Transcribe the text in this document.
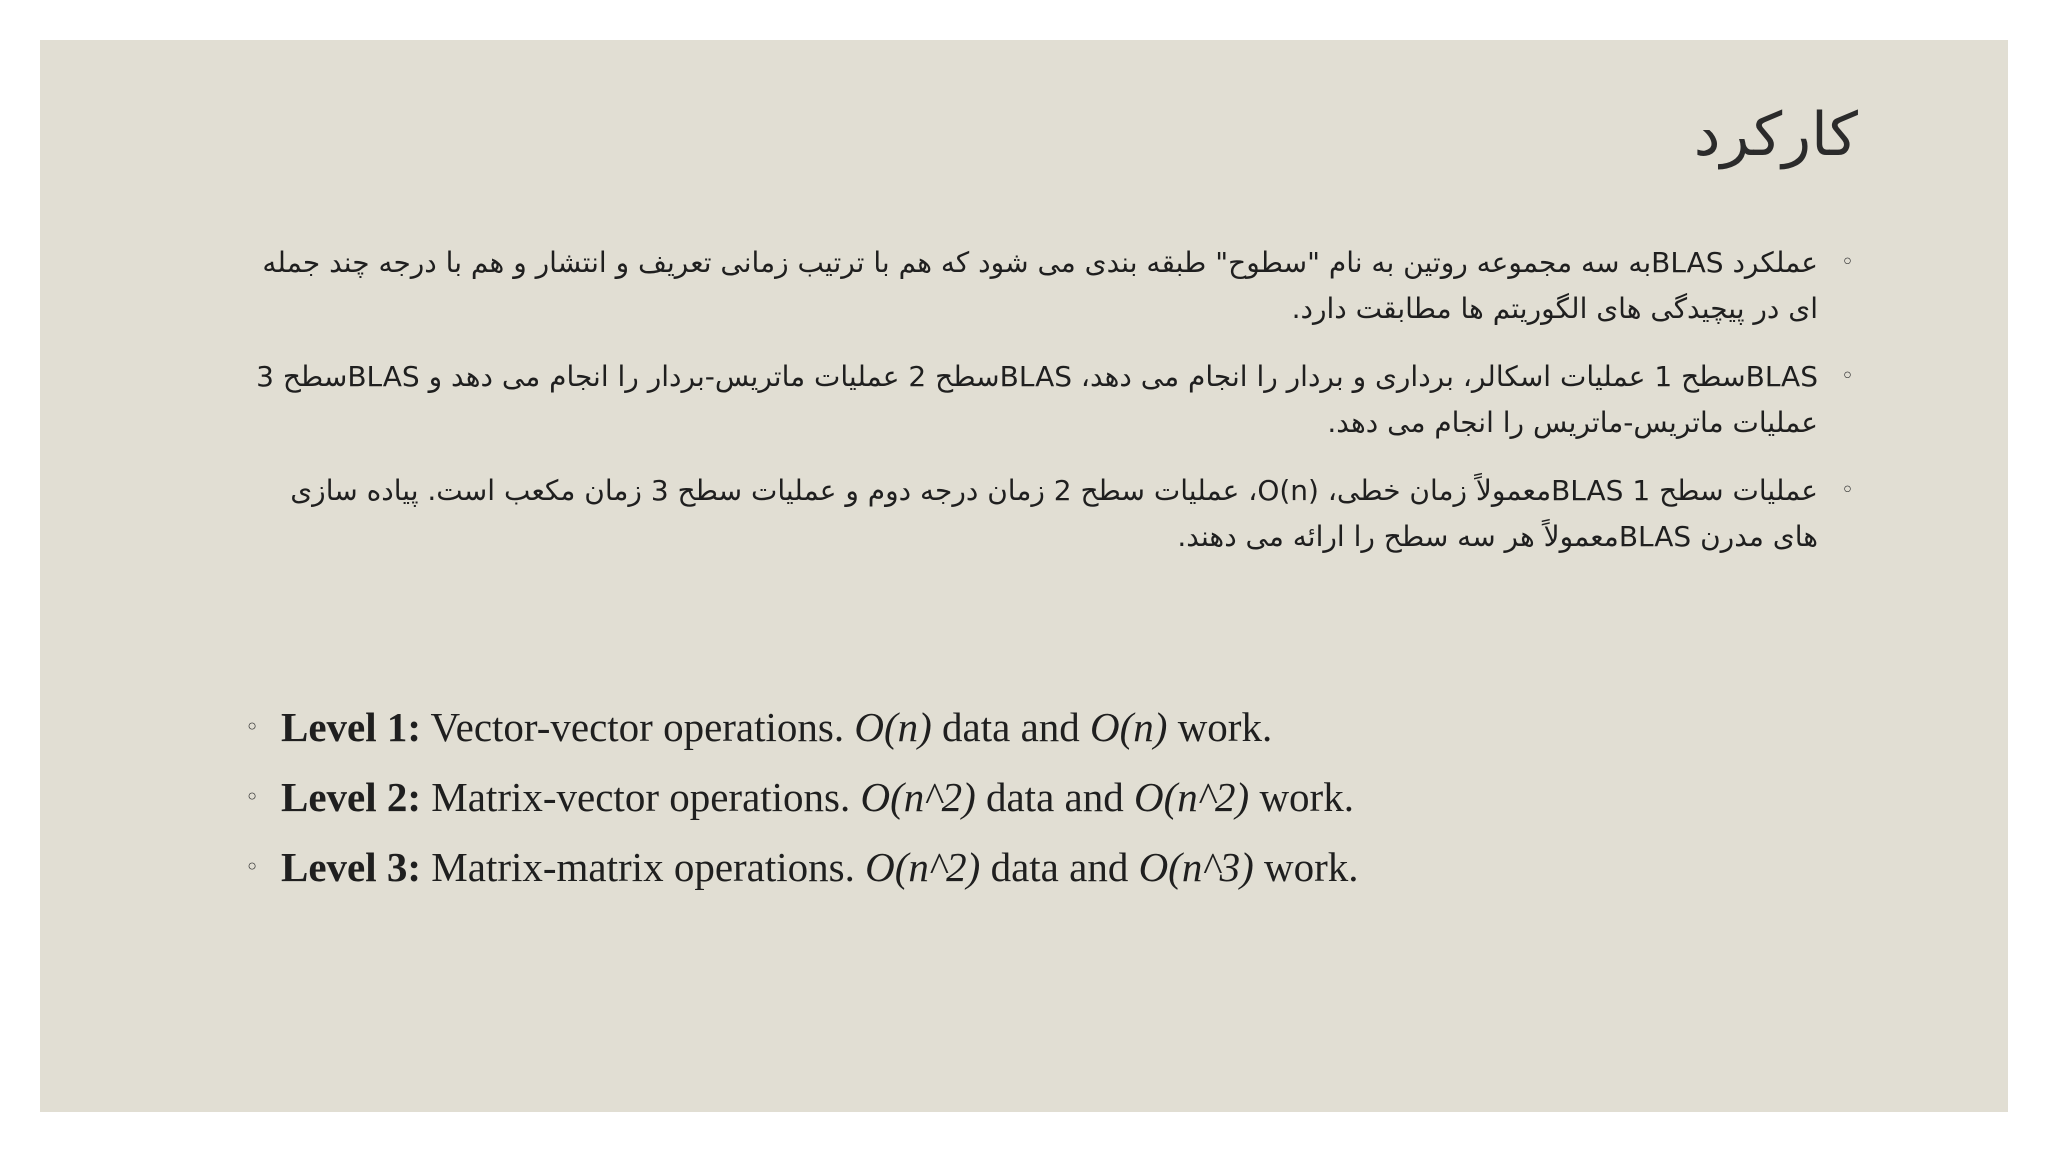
کارکرد
◦
عملکرد BLASبه سه مجموعه روتین به نام "سطوح" طبقه بندی می شود که هم با ترتیب زمانی تعریف و انتشار و هم با درجه چند جمله ای در پیچیدگی های الگوریتم ها مطابقت دارد.
◦
BLASسطح 1 عملیات اسکالر، برداری و بردار را انجام می دهد، BLASسطح 2 عملیات ماتریس-بردار را انجام می دهد و BLASسطح 3 عملیات ماتریس-ماتریس را انجام می دهد.
◦
عملیات سطح 1 BLASمعمولاً زمان خطی، O(n)، عملیات سطح 2 زمان درجه دوم و عملیات سطح 3 زمان مکعب است. پیاده سازی های مدرن BLASمعمولاً هر سه سطح را ارائه می دهند.
◦ Level 1: Vector-vector operations. O(n) data and O(n) work.
◦ Level 2: Matrix-vector operations. O(n^2) data and O(n^2) work.
◦ Level 3: Matrix-matrix operations. O(n^2) data and O(n^3) work.
